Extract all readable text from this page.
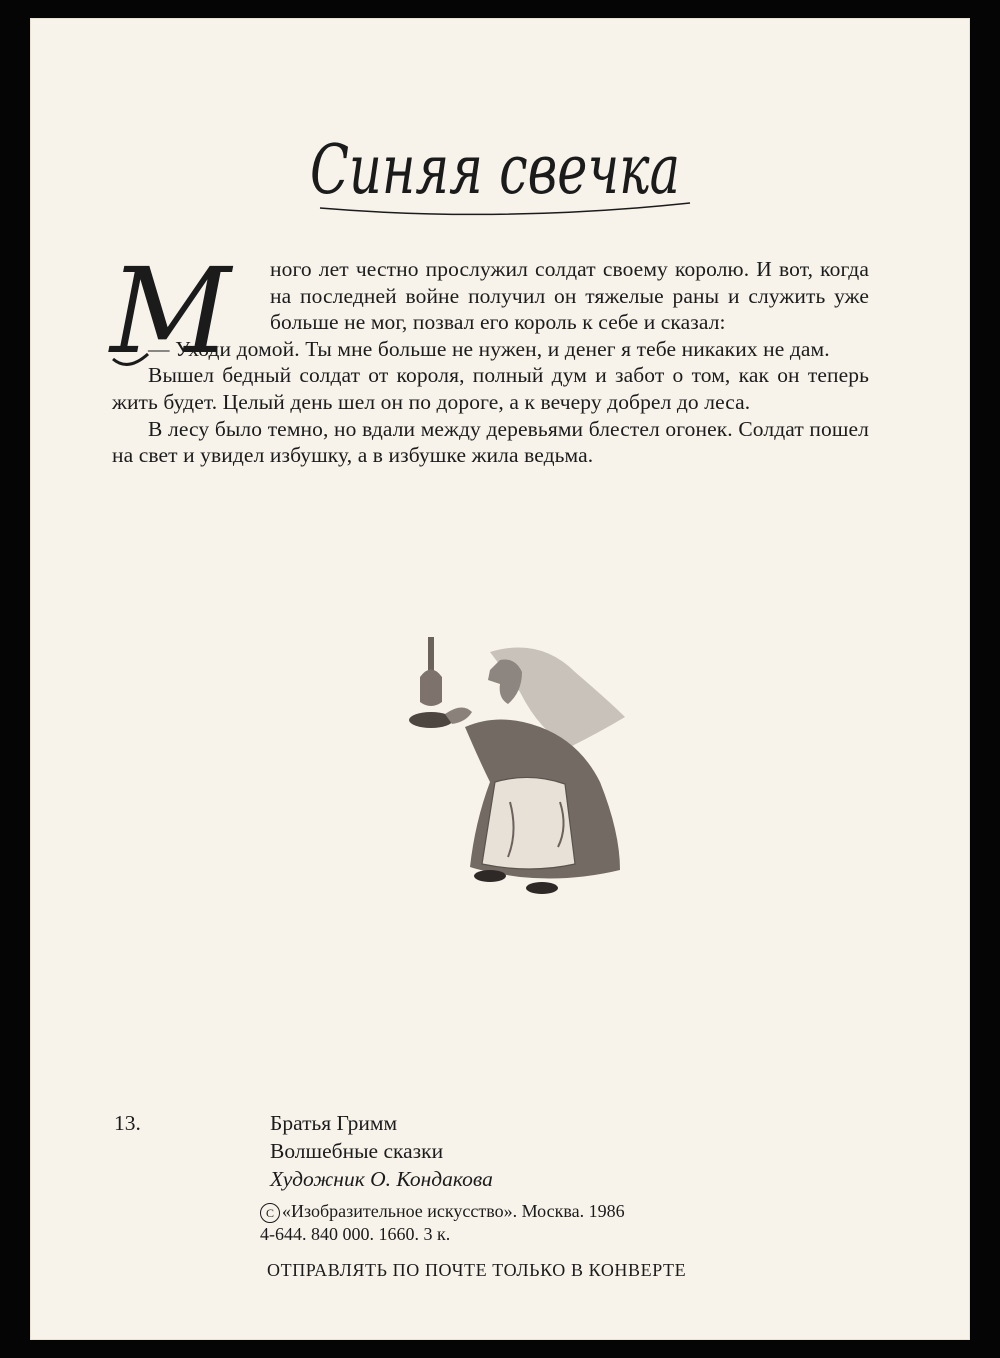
Синяя свечка
М	ного лет честно прослужил солдат своему королю. И вот, когда на последней войне получил он тяжелые раны и служить уже больше не мог, позвал его король к себе и сказал:

— Уходи домой. Ты мне больше не нужен, и денег я тебе никаких не дам.

Вышел бедный солдат от короля, полный дум и забот о том, как он теперь жить будет. Целый день шел он по дороге, а к вечеру добрел до леса.

В лесу было темно, но вдали между деревьями блестел огонек. Солдат пошел на свет и увидел избушку, а в избушке жила ведьма.

13.	Братья Гримм
Волшебные сказки
Художник О. Кондакова
C «Изобразительное искусство». Москва. 1986
4-644. 840 000. 1660. 3 к.
ОТПРАВЛЯТЬ ПО ПОЧТЕ ТОЛЬКО В КОНВЕРТЕ
